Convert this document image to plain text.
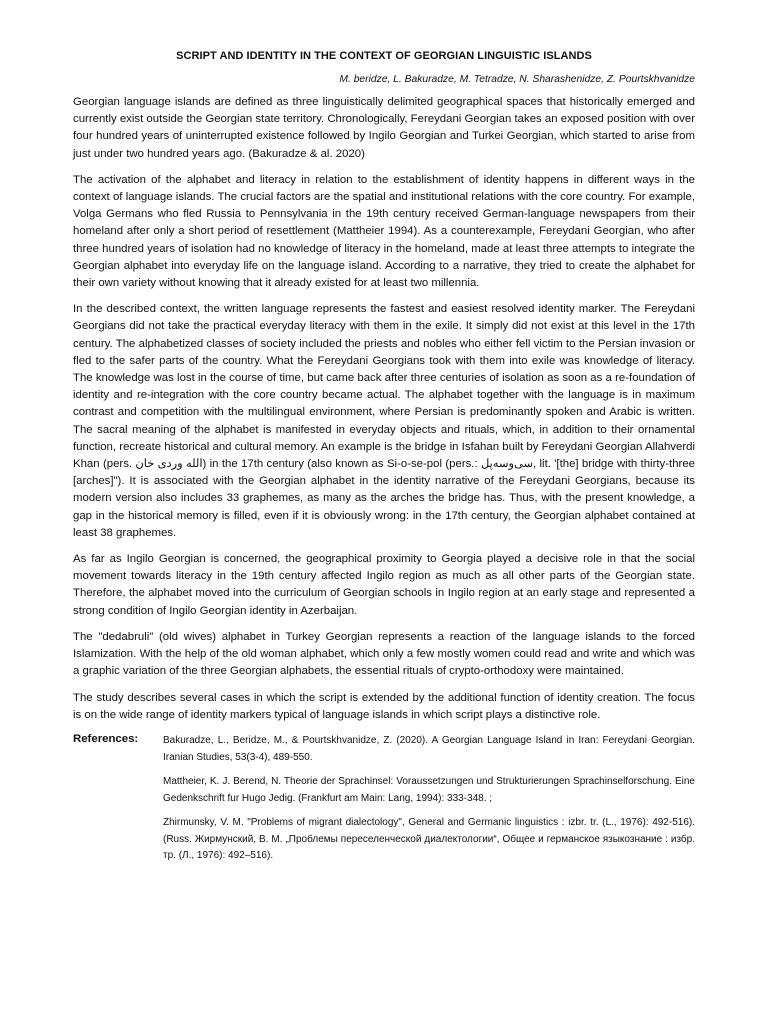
SCRIPT AND IDENTITY IN THE CONTEXT OF GEORGIAN LINGUISTIC ISLANDS
M. beridze, L. Bakuradze, M. Tetradze, N. Sharashenidze, Z. Pourtskhvanidze

Georgian language islands are defined as three linguistically delimited geographical spaces that historically emerged and currently exist outside the Georgian state territory. Chronologically, Fereydani Georgian takes an exposed position with over four hundred years of uninterrupted existence followed by Ingilo Georgian and Turkei Georgian, which started to arise from just under two hundred years ago. (Bakuradze & al. 2020)

The activation of the alphabet and literacy in relation to the establishment of identity happens in different ways in the context of language islands. The crucial factors are the spatial and institutional relations with the core country. For example, Volga Germans who fled Russia to Pennsylvania in the 19th century received German-language newspapers from their homeland after only a short period of resettlement (Mattheier 1994). As a counterexample, Fereydani Georgian, who after three hundred years of isolation had no knowledge of literacy in the homeland, made at least three attempts to integrate the Georgian alphabet into everyday life on the language island. According to a narrative, they tried to create the alphabet for their own variety without knowing that it already existed for at least two millennia.

In the described context, the written language represents the fastest and easiest resolved identity marker. The Fereydani Georgians did not take the practical everyday literacy with them in the exile. It simply did not exist at this level in the 17th century. The alphabetized classes of society included the priests and nobles who either fell victim to the Persian invasion or fled to the safer parts of the country. What the Fereydani Georgians took with them into exile was knowledge of literacy. The knowledge was lost in the course of time, but came back after three centuries of isolation as soon as a re-foundation of identity and re-integration with the core country became actual. The alphabet together with the language is in maximum contrast and competition with the multilingual environment, where Persian is predominantly spoken and Arabic is written. The sacral meaning of the alphabet is manifested in everyday objects and rituals, which, in addition to their ornamental function, recreate historical and cultural memory. An example is the bridge in Isfahan built by Fereydani Georgian Allahverdi Khan (pers. الله وردی خان) in the 17th century (also known as Si-o-se-pol (pers.: سی‌وسه‌پل, lit. '[the] bridge with thirty-three [arches]"). It is associated with the Georgian alphabet in the identity narrative of the Fereydani Georgians, because its modern version also includes 33 graphemes, as many as the arches the bridge has. Thus, with the present knowledge, a gap in the historical memory is filled, even if it is obviously wrong: in the 17th century, the Georgian alphabet contained at least 38 graphemes.

As far as Ingilo Georgian is concerned, the geographical proximity to Georgia played a decisive role in that the social movement towards literacy in the 19th century affected Ingilo region as much as all other parts of the Georgian state. Therefore, the alphabet moved into the curriculum of Georgian schools in Ingilo region at an early stage and represented a strong condition of Ingilo Georgian identity in Azerbaijan.

The "dedabruli" (old wives) alphabet in Turkey Georgian represents a reaction of the language islands to the forced Islamization. With the help of the old woman alphabet, which only a few mostly women could read and write and which was a graphic variation of the three Georgian alphabets, the essential rituals of crypto-orthodoxy were maintained.

The study describes several cases in which the script is extended by the additional function of identity creation. The focus is on the wide range of identity markers typical of language islands in which script plays a distinctive role.

References:	Bakuradze, L., Beridze, M., & Pourtskhvanidze, Z. (2020). A Georgian Language Island in Iran: Fereydani Georgian. Iranian Studies, 53(3-4), 489-550.

Mattheier, K. J. Berend, N. Theorie der Sprachinsel: Voraussetzungen und Strukturierungen Sprachinselforschung. Eine Gedenkschrift fur Hugo Jedig. (Frankfurt am Main: Lang, 1994): 333-348. ;

Zhirmunsky, V. M. "Problems of migrant dialectology", General and Germanic linguistics : izbr. tr. (L., 1976): 492-516). (Russ. Жирмунский, В. М. „Проблемы переселенческой диалектологии“, Общее и германское языкознание : избр. тр. (Л., 1976): 492–516).
